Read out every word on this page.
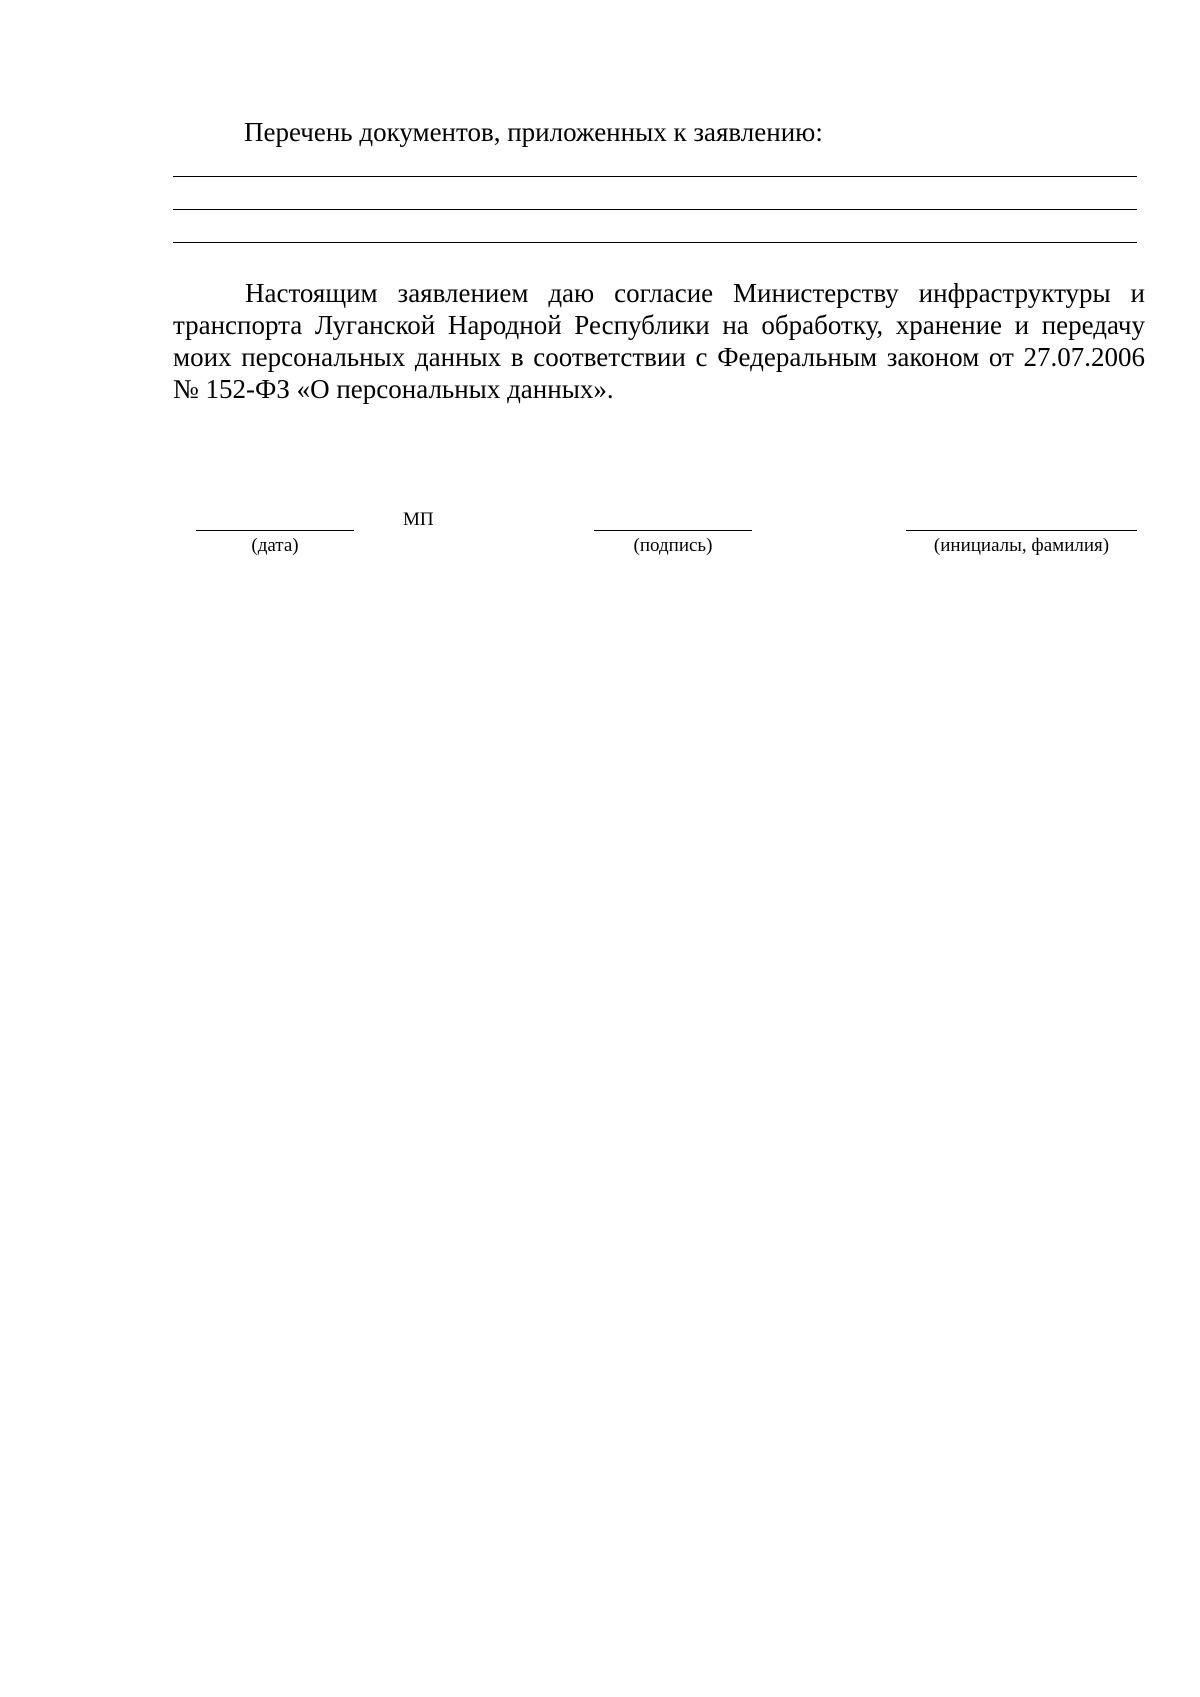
Перечень документов, приложенных к заявлению:

Настоящим заявлением даю согласие Министерству инфраструктуры и транспорта Луганской Народной Республики на обработку, хранение и передачу моих персональных данных в соответствии с Федеральным законом от 27.07.2006 № 152-ФЗ «О персональных данных».

(дата)
МП
(подпись)	(инициалы, фамилия)
